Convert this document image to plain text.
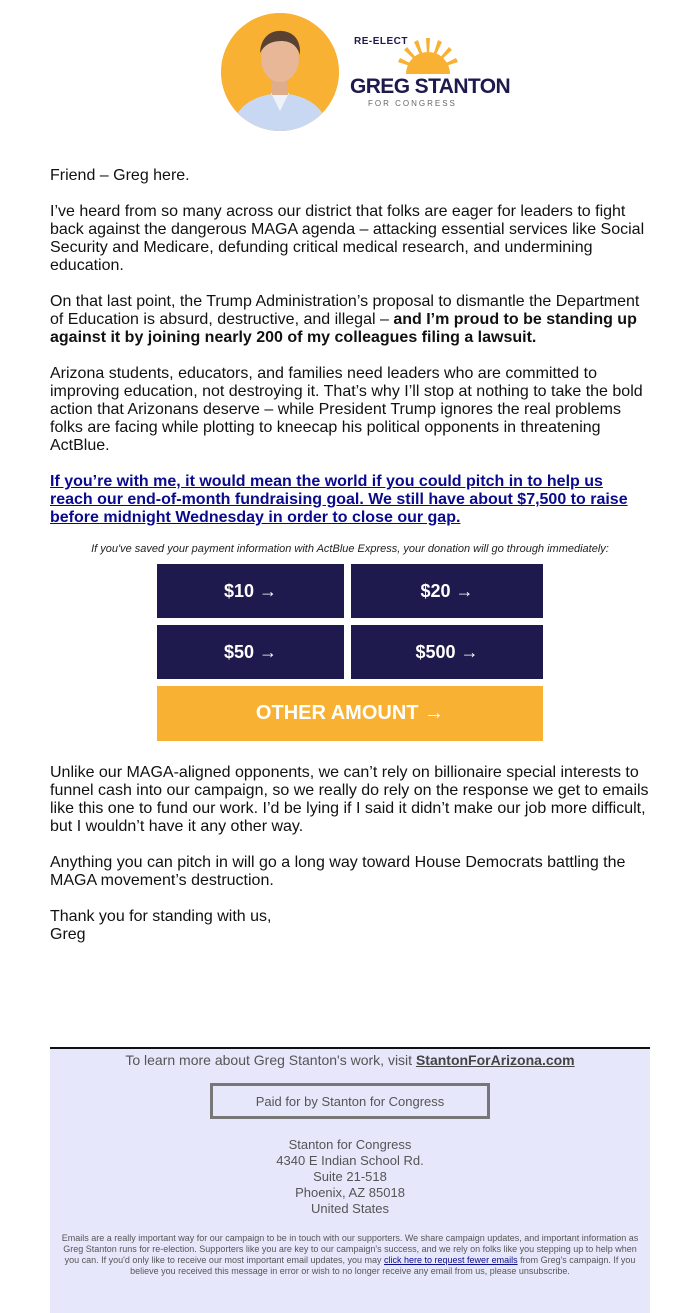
RE-ELECT
GREG STANTON
FOR CONGRESS
Friend – Greg here.
I’ve heard from so many across our district that folks are eager for leaders to fight back against the dangerous MAGA agenda – attacking essential services like Social Security and Medicare, defunding critical medical research, and undermining education.
On that last point, the Trump Administration’s proposal to dismantle the Department of Education is absurd, destructive, and illegal – and I’m proud to be standing up against it by joining nearly 200 of my colleagues filing a lawsuit.
Arizona students, educators, and families need leaders who are committed to improving education, not destroying it. That’s why I’ll stop at nothing to take the bold action that Arizonans deserve – while President Trump ignores the real problems folks are facing while plotting to kneecap his political opponents in threatening ActBlue.
If you’re with me, it would mean the world if you could pitch in to help us reach our end-of-month fundraising goal. We still have about $7,500 to raise before midnight Wednesday in order to close our gap.
If you've saved your payment information with ActBlue Express, your donation will go through immediately:
$10 →	$20 →
$50 →	$500 →
OTHER AMOUNT →
Unlike our MAGA-aligned opponents, we can’t rely on billionaire special interests to funnel cash into our campaign, so we really do rely on the response we get to emails like this one to fund our work. I’d be lying if I said it didn’t make our job more difficult, but I wouldn’t have it any other way.
Anything you can pitch in will go a long way toward House Democrats battling the MAGA movement’s destruction.
Thank you for standing with us,
Greg
To learn more about Greg Stanton's work, visit StantonForArizona.com
Paid for by Stanton for Congress
Stanton for Congress
4340 E Indian School Rd.
Suite 21-518
Phoenix, AZ 85018
United States
Emails are a really important way for our campaign to be in touch with our supporters. We share campaign updates, and important information as Greg Stanton runs for re-election. Supporters like you are key to our campaign's success, and we rely on folks like you stepping up to help when you can. If you'd only like to receive our most important email updates, you may click here to request fewer emails from Greg's campaign. If you believe you received this message in error or wish to no longer receive any email from us, please unsubscribe.
